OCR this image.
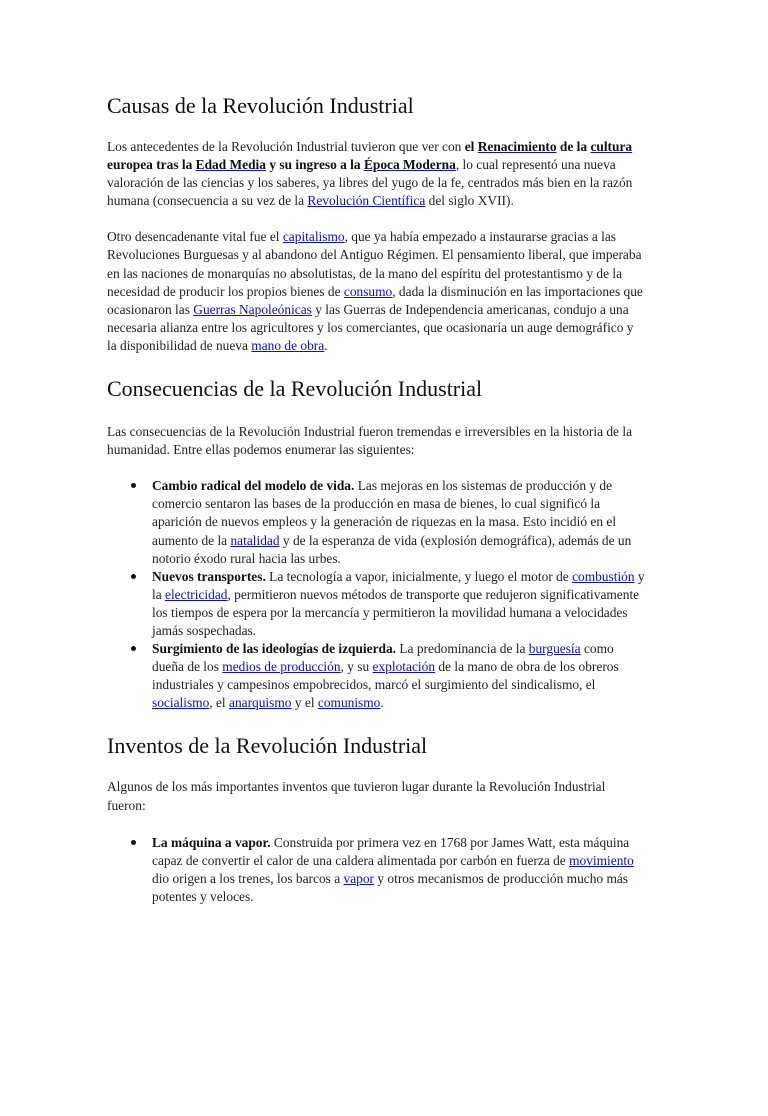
Causas de la Revolución Industrial

Los antecedentes de la Revolución Industrial tuvieron que ver con el Renacimiento de la cultura europea tras la Edad Media y su ingreso a la Época Moderna, lo cual representó una nueva valoración de las ciencias y los saberes, ya libres del yugo de la fe, centrados más bien en la razón humana (consecuencia a su vez de la Revolución Científica del siglo XVII).

Otro desencadenante vital fue el capitalismo, que ya había empezado a instaurarse gracias a las Revoluciones Burguesas y al abandono del Antiguo Régimen. El pensamiento liberal, que imperaba en las naciones de monarquías no absolutistas, de la mano del espíritu del protestantismo y de la necesidad de producir los propios bienes de consumo, dada la disminución en las importaciones que ocasionaron las Guerras Napoleónicas y las Guerras de Independencia americanas, condujo a una necesaria alianza entre los agricultores y los comerciantes, que ocasionaría un auge demográfico y la disponibilidad de nueva mano de obra.

Consecuencias de la Revolución Industrial

Las consecuencias de la Revolución Industrial fueron tremendas e irreversibles en la historia de la humanidad. Entre ellas podemos enumerar las siguientes:

Cambio radical del modelo de vida. Las mejoras en los sistemas de producción y de comercio sentaron las bases de la producción en masa de bienes, lo cual significó la aparición de nuevos empleos y la generación de riquezas en la masa. Esto incidió en el aumento de la natalidad y de la esperanza de vida (explosión demográfica), además de un notorio éxodo rural hacia las urbes.
Nuevos transportes. La tecnología a vapor, inicialmente, y luego el motor de combustión y la electricidad, permitieron nuevos métodos de transporte que redujeron significativamente los tiempos de espera por la mercancía y permitieron la movilidad humana a velocidades jamás sospechadas.
Surgimiento de las ideologías de izquierda. La predominancia de la burguesía como dueña de los medios de producción, y su explotación de la mano de obra de los obreros industriales y campesinos empobrecidos, marcó el surgimiento del sindicalismo, el socialismo, el anarquismo y el comunismo.
Inventos de la Revolución Industrial

Algunos de los más importantes inventos que tuvieron lugar durante la Revolución Industrial fueron:

La máquina a vapor. Construida por primera vez en 1768 por James Watt, esta máquina capaz de convertir el calor de una caldera alimentada por carbón en fuerza de movimiento dio origen a los trenes, los barcos a vapor y otros mecanismos de producción mucho más potentes y veloces.
